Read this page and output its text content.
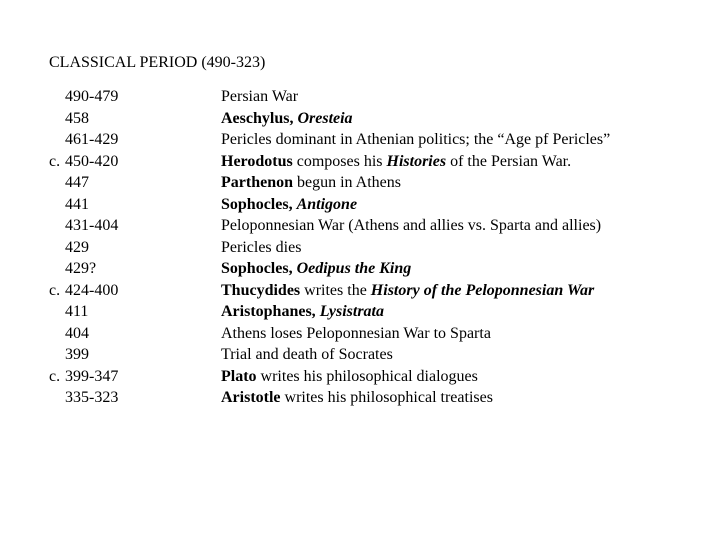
CLASSICAL PERIOD (490-323)
490-479	Persian War
458	Aeschylus, Oresteia
461-429	Pericles dominant in Athenian politics; the “Age pf Pericles”
c. 450-420	Herodotus composes his Histories of the Persian War.
447	Parthenon begun in Athens
441	Sophocles, Antigone
431-404	Peloponnesian War (Athens and allies vs. Sparta and allies)
429	Pericles dies
429?	Sophocles, Oedipus the King
c. 424-400	Thucydides writes the History of the Peloponnesian War
411	Aristophanes, Lysistrata
404	Athens loses Peloponnesian War to Sparta
399	Trial and death of Socrates
c. 399-347	Plato writes his philosophical dialogues
335-323	Aristotle writes his philosophical treatises
